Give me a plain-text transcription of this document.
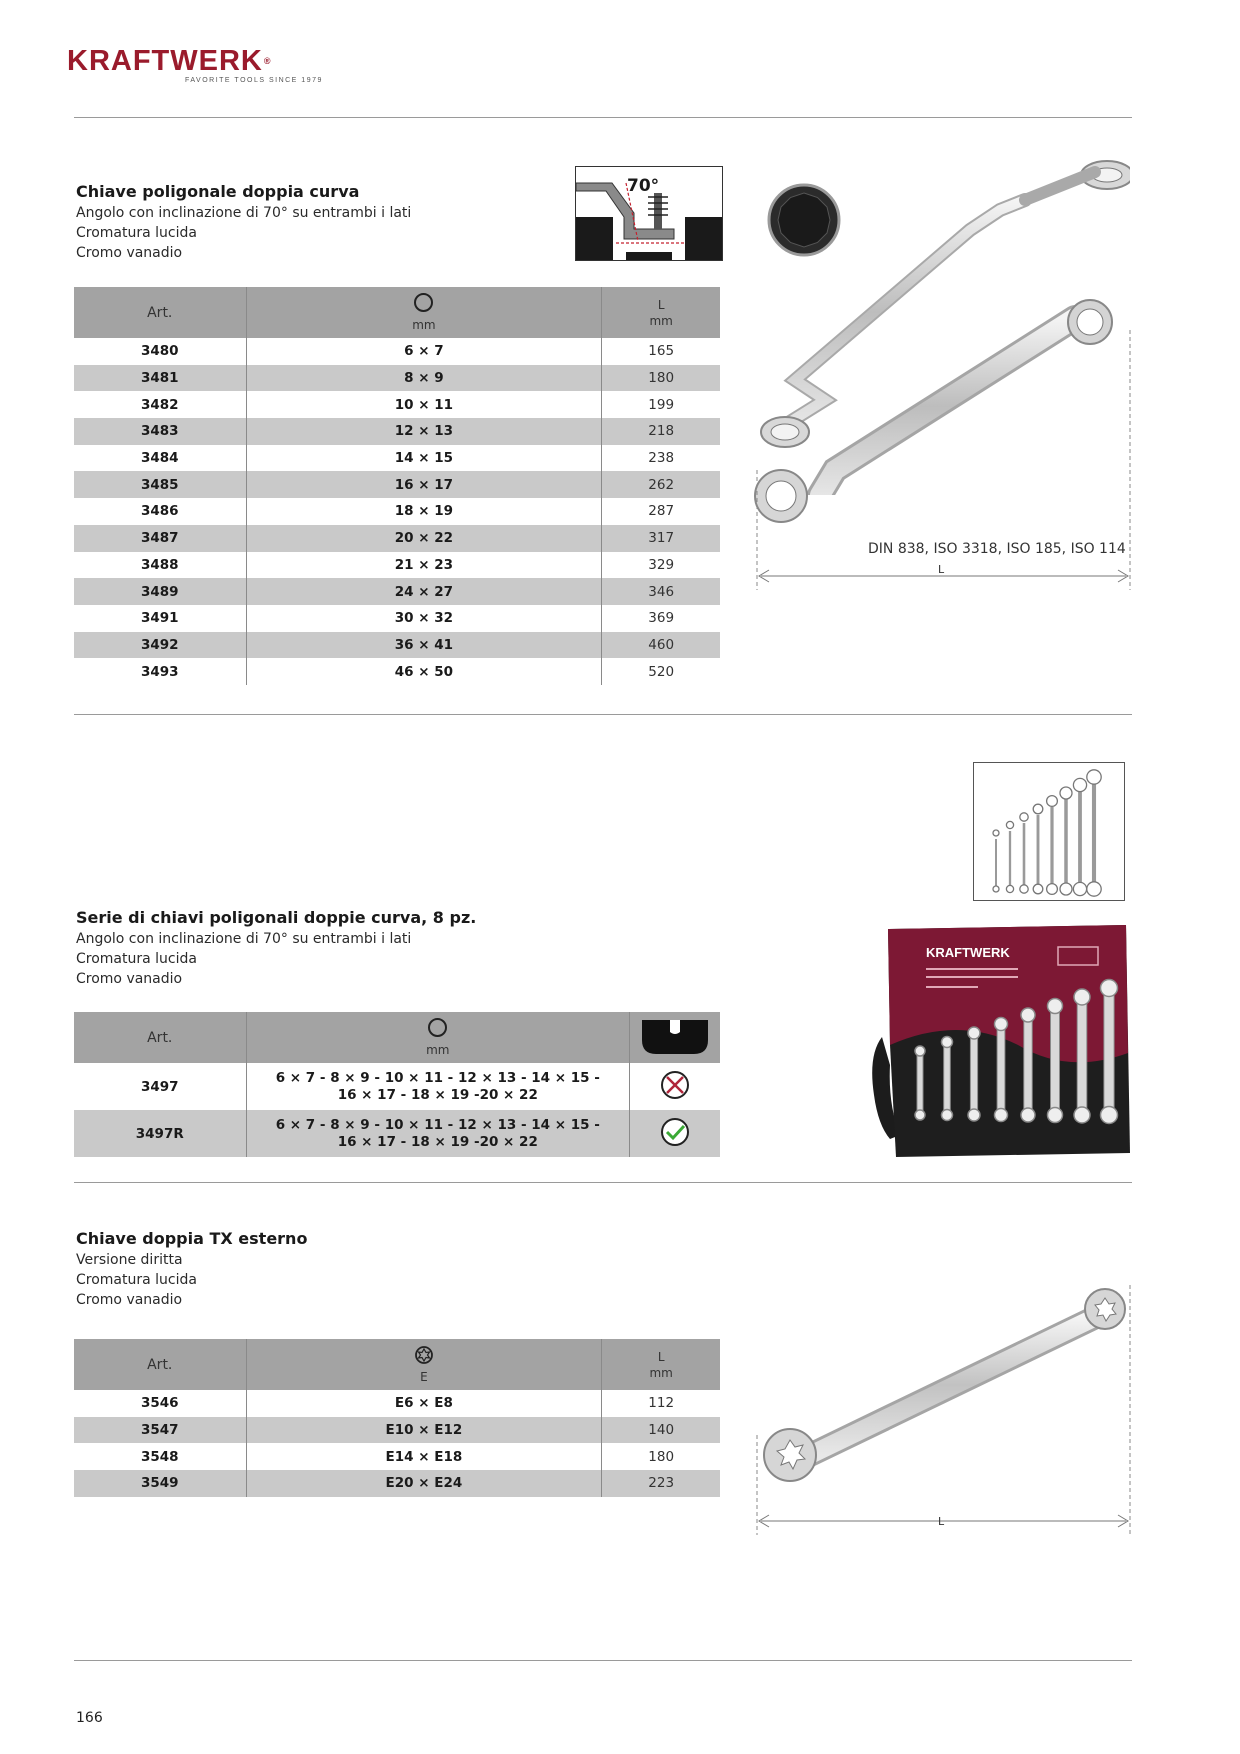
KRAFTWERK®
FAVORITE TOOLS SINCE 1979
Chiave poligonale doppia curva
Angolo con inclinazione di 70° su entrambi i lati
Cromatura lucida
Cromo vanadio
70°
Art.	mm	L
mm

3480	6 × 7	165
3481	8 × 9	180
3482	10 × 11	199
3483	12 × 13	218
3484	14 × 15	238
3485	16 × 17	262
3486	18 × 19	287
3487	20 × 22	317
3488	21 × 23	329
3489	24 × 27	346
3491	30 × 32	369
3492	36 × 41	460
3493	46 × 50	520
DIN 838, ISO 3318, ISO 185, ISO 114
L
Serie di chiavi poligonali doppie curva, 8 pz.
Angolo con inclinazione di 70° su entrambi i lati
Cromatura lucida
Cromo vanadio
Art.	mm

3497	6 × 7 - 8 × 9 - 10 × 11 - 12 × 13 - 14 × 15 -
16 × 17 - 18 × 19 -20 × 22

3497R	6 × 7 - 8 × 9 - 10 × 11 - 12 × 13 - 14 × 15 -
16 × 17 - 18 × 19 -20 × 22

KRAFTWERK
Chiave doppia TX esterno
Versione diritta
Cromatura lucida
Cromo vanadio
Art.	E	L
mm

3546	E6 × E8	112
3547	E10 × E12	140
3548	E14 × E18	180
3549	E20 × E24	223
L
166
